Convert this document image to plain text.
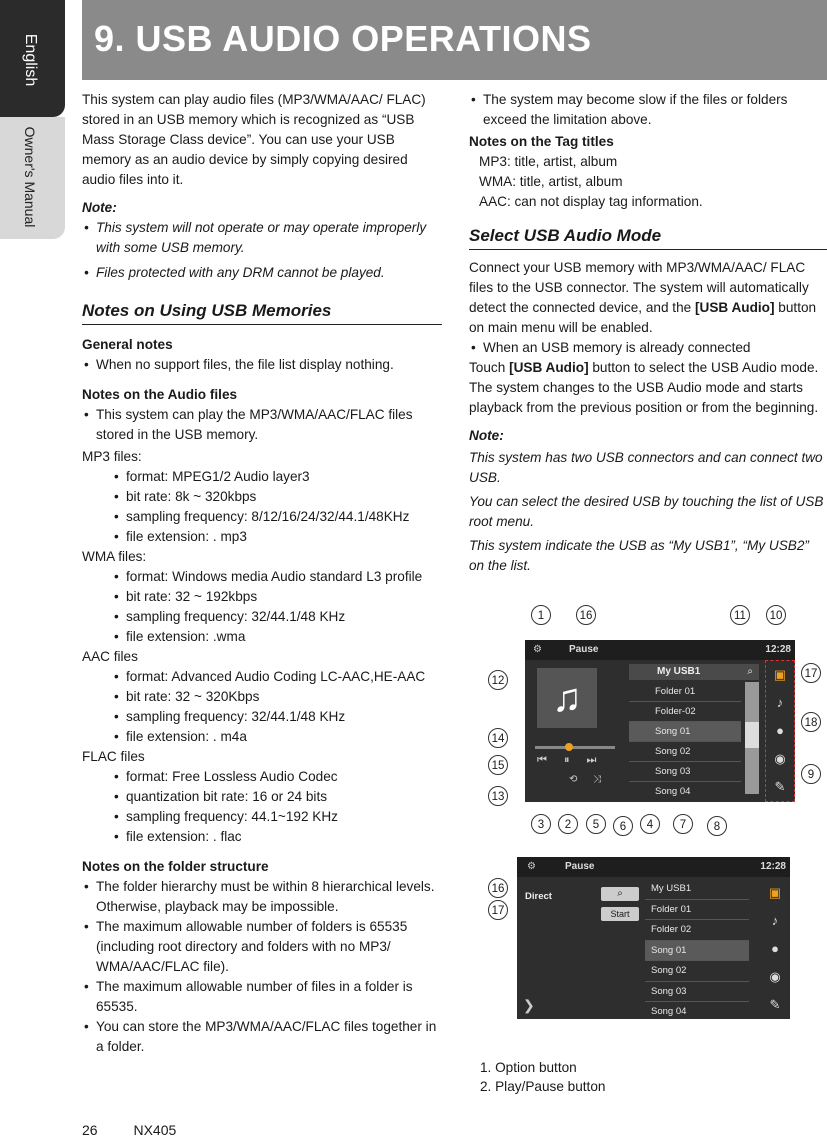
English
Owner's Manual
9. USB AUDIO OPERATIONS

This system can play audio files (MP3/WMA/AAC/ FLAC) stored in an USB memory which is recognized as “USB Mass Storage Class device”. You can use your USB memory as an audio device by simply copying desired audio files into it.

Note:

• This system will not operate or may operate improperly with some USB memory.

• Files protected with any DRM cannot be played.

Notes on Using USB Memories

General notes

• When no support files, the file list display nothing.

Notes on the Audio files

• This system can play the MP3/WMA/AAC/FLAC files stored in the USB memory.

MP3 files:

• format: MPEG1/2 Audio layer3

• bit rate: 8k ~ 320kbps

• sampling frequency: 8/12/16/24/32/44.1/48KHz

• file extension: . mp3

WMA files:

• format: Windows media Audio standard L3 profile

• bit rate: 32 ~ 192kbps

• sampling frequency: 32/44.1/48 KHz

• file extension: .wma

AAC files

• format: Advanced Audio Coding LC-AAC,HE-AAC

• bit rate: 32 ~ 320Kbps

• sampling frequency: 32/44.1/48 KHz

• file extension: . m4a

FLAC files

• format: Free Lossless Audio Codec

• quantization bit rate: 16 or 24 bits

• sampling frequency: 44.1~192 KHz

• file extension: . flac

Notes on the folder structure

• The folder hierarchy must be within 8 hierarchical levels. Otherwise, playback may be impossible.

• The maximum allowable number of folders is 65535 (including root directory and folders with no MP3/ WMA/AAC/FLAC file).

• The maximum allowable number of files in a folder is 65535.

• You can store the MP3/WMA/AAC/FLAC files together in a folder.

• The system may become slow if the files or folders exceed the limitation above.

Notes on the Tag titles

MP3: title, artist, album

WMA: title, artist, album

AAC: can not display tag information.

Select USB Audio Mode

Connect your USB memory with MP3/WMA/AAC/ FLAC files to the USB connector. The system will automatically detect the connected device, and the [USB Audio] button on main menu will be enabled.

• When an USB memory is already connected

Touch [USB Audio] button to select the USB Audio mode.

The system changes to the USB Audio mode and starts playback from the previous position or from the beginning.

Note:

This system has two USB connectors and can connect two USB.

You can select the desired USB by touching the list of USB root menu.

This system indicate the USB as “My USB1”, “My USB2” on the list.

⚙	Pause	12:28
♫
⏮ ⏸ ⏭
⟲ ⤨
My USB1	⌕
Folder 01
Folder-02
Song 01
Song 02
Song 03
Song 04
▣
♪
●
◉
✎
1	16	11	10
12
17
14
18
15
9
13
3	2	5	6	4	7	8
⚙	Pause	12:28
Direct	⌕
Start
❯
My USB1
Folder 01
Folder 02
Song 01
Song 02
Song 03
Song 04
▣
♪
●
◉
✎
16
17
1. Option button
2. Play/Pause button
26	NX405
